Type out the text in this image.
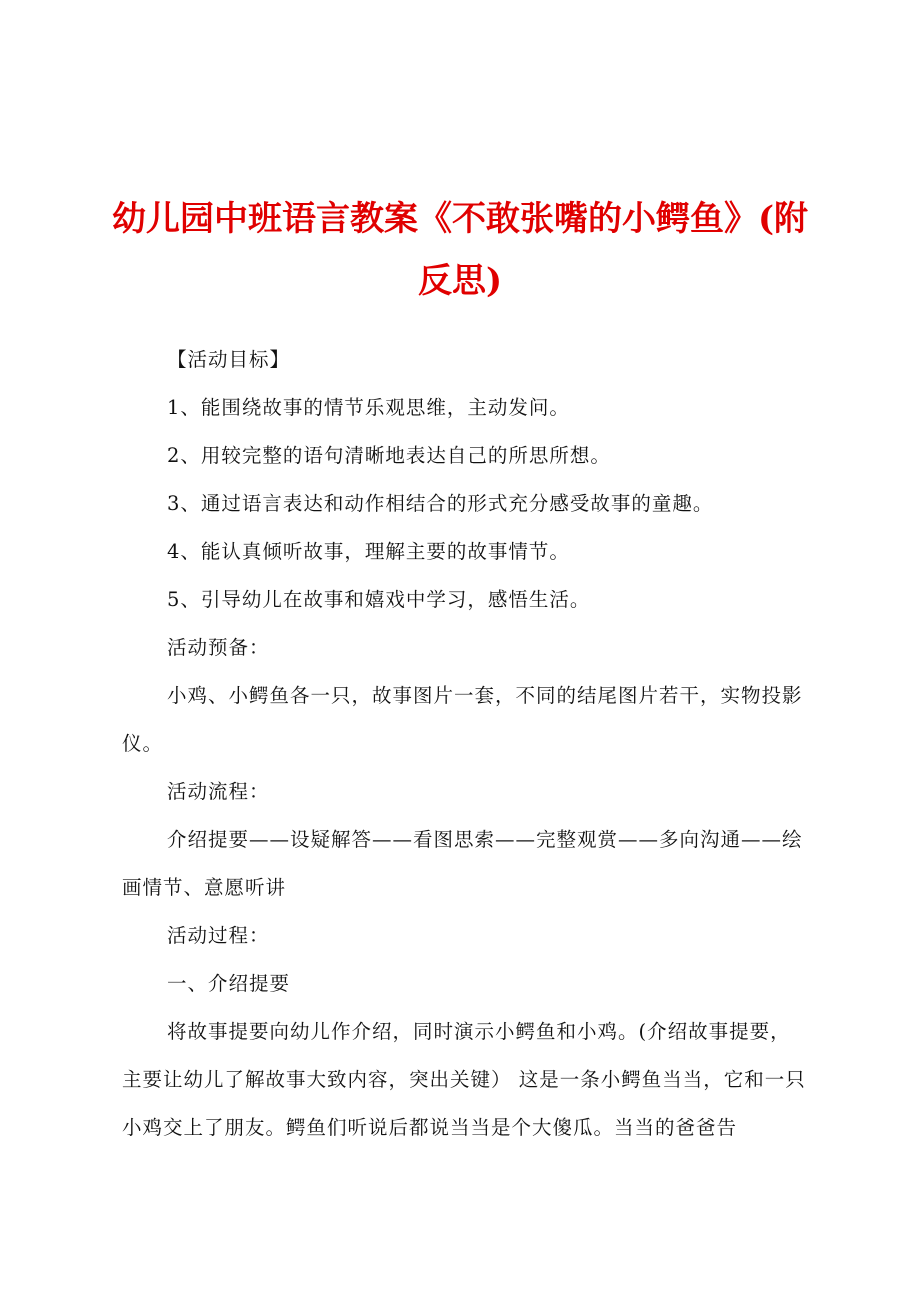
幼儿园中班语言教案《不敢张嘴的小鳄鱼》(附反思)

【活动目标】

1、能围绕故事的情节乐观思维，主动发问。

2、用较完整的语句清晰地表达自己的所思所想。

3、通过语言表达和动作相结合的形式充分感受故事的童趣。

4、能认真倾听故事，理解主要的故事情节。

5、引导幼儿在故事和嬉戏中学习，感悟生活。

活动预备：

小鸡、小鳄鱼各一只，故事图片一套，不同的结尾图片若干，实物投影仪。

活动流程：

介绍提要——设疑解答——看图思索——完整观赏——多向沟通——绘画情节、意愿听讲

活动过程：

一、介绍提要

将故事提要向幼儿作介绍，同时演示小鳄鱼和小鸡。(介绍故事提要，主要让幼儿了解故事大致内容，突出关键） 这是一条小鳄鱼当当，它和一只小鸡交上了朋友。鳄鱼们听说后都说当当是个大傻瓜。当当的爸爸告
